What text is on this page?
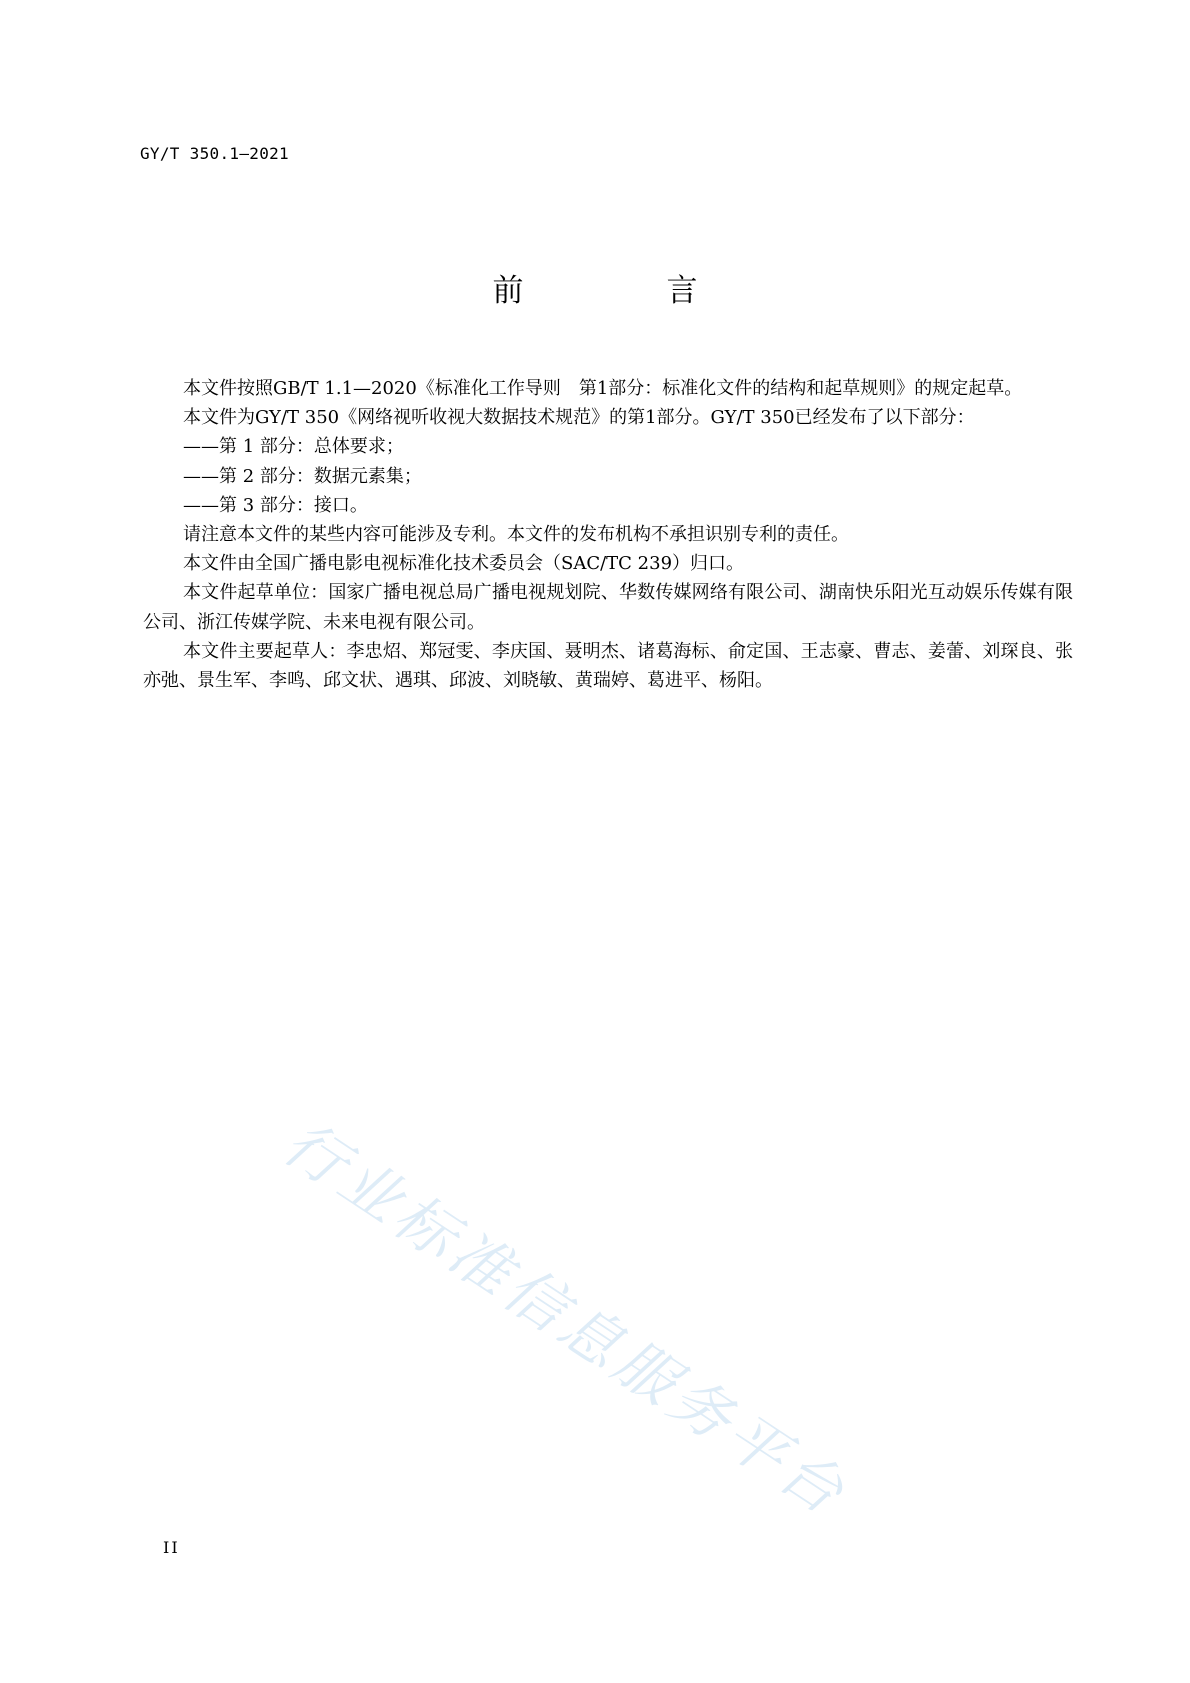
GY/T 350.1—2021
前　言

本文件按照GB/T 1.1—2020《标准化工作导则　第1部分：标准化文件的结构和起草规则》的规定起草。

本文件为GY/T 350《网络视听收视大数据技术规范》的第1部分。GY/T 350已经发布了以下部分：

——第 1 部分：总体要求；

——第 2 部分：数据元素集；

——第 3 部分：接口。

请注意本文件的某些内容可能涉及专利。本文件的发布机构不承担识别专利的责任。

本文件由全国广播电影电视标准化技术委员会（SAC/TC 239）归口。

本文件起草单位：国家广播电视总局广播电视规划院、华数传媒网络有限公司、湖南快乐阳光互动娱乐传媒有限公司、浙江传媒学院、未来电视有限公司。

本文件主要起草人：李忠炤、郑冠雯、李庆国、聂明杰、诸葛海标、俞定国、王志豪、曹志、姜蕾、刘琛良、张亦弛、景生军、李鸣、邱文状、遇琪、邱波、刘晓敏、黄瑞婷、葛进平、杨阳。

行业标准信息服务平台
II
